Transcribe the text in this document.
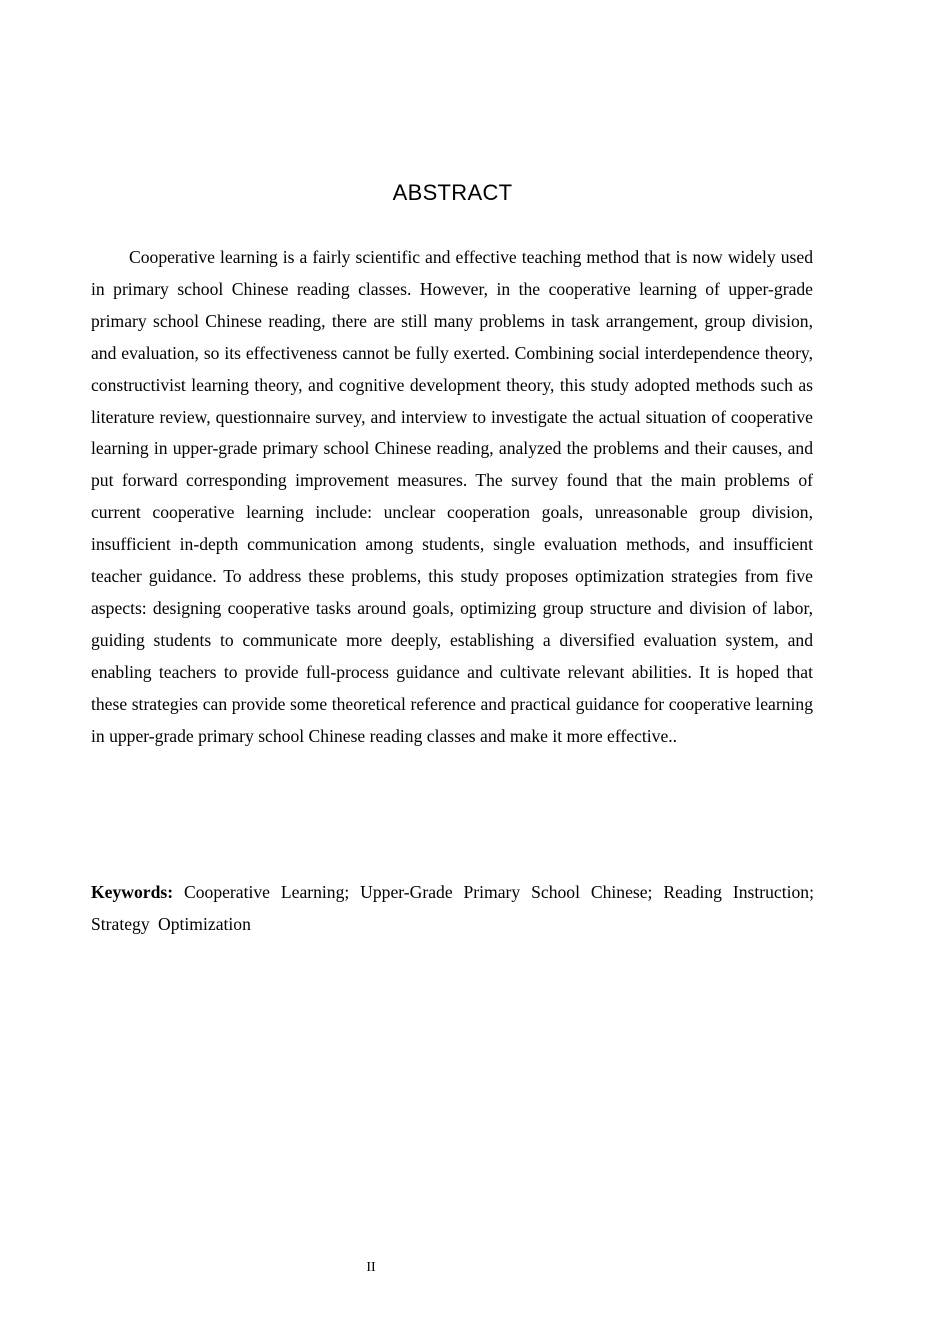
ABSTRACT

Cooperative learning is a fairly scientific and effective teaching method that is now widely used in primary school Chinese reading classes. However, in the cooperative learning of upper-grade primary school Chinese reading, there are still many problems in task arrangement, group division, and evaluation, so its effectiveness cannot be fully exerted. Combining social interdependence theory, constructivist learning theory, and cognitive development theory, this study adopted methods such as literature review, questionnaire survey, and interview to investigate the actual situation of cooperative learning in upper-grade primary school Chinese reading, analyzed the problems and their causes, and put forward corresponding improvement measures. The survey found that the main problems of current cooperative learning include: unclear cooperation goals, unreasonable group division, insufficient in-depth communication among students, single evaluation methods, and insufficient teacher guidance. To address these problems, this study proposes optimization strategies from five aspects: designing cooperative tasks around goals, optimizing group structure and division of labor, guiding students to communicate more deeply, establishing a diversified evaluation system, and enabling teachers to provide full-process guidance and cultivate relevant abilities. It is hoped that these strategies can provide some theoretical reference and practical guidance for cooperative learning in upper-grade primary school Chinese reading classes and make it more effective..

Keywords: Cooperative Learning; Upper-Grade Primary School Chinese; Reading Instruction; Strategy Optimization

II
